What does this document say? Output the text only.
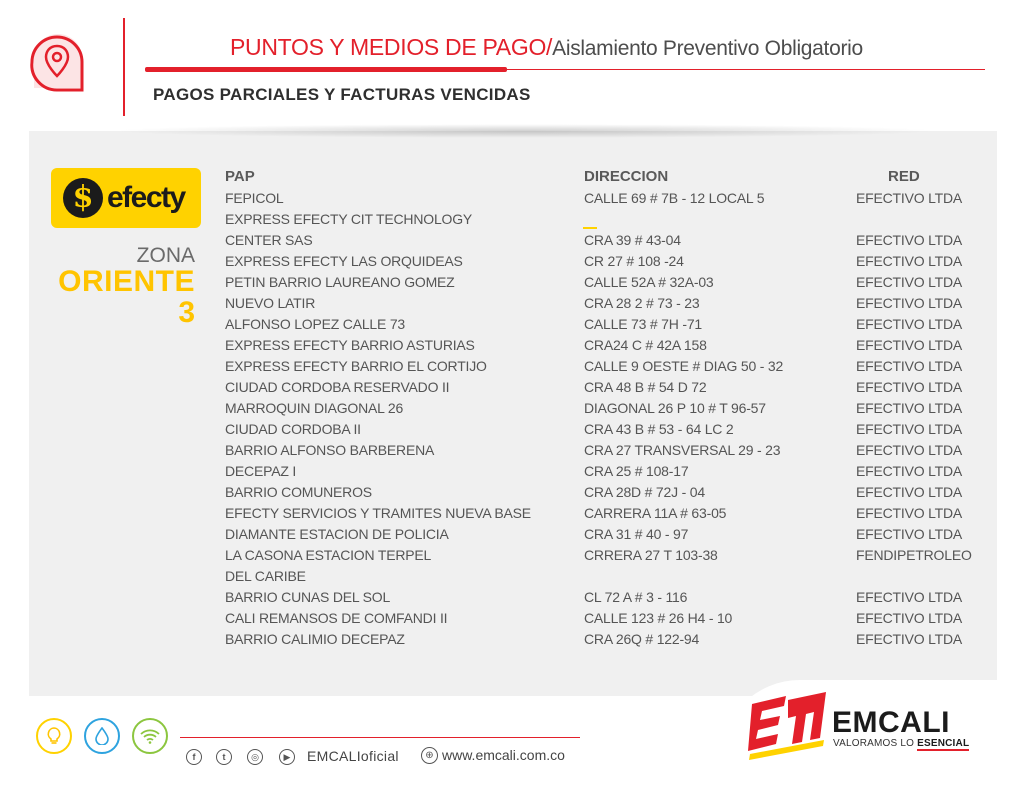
PUNTOS Y MEDIOS DE PAGO/Aislamiento Preventivo Obligatorio
PAGOS PARCIALES Y FACTURAS VENCIDAS
$ efecty
ZONA
ORIENTE
3
PAP	DIRECCION	RED
FEPICOL	CALLE 69 # 7B - 12 LOCAL 5	EFECTIVO LTDA
EXPRESS EFECTY CIT TECHNOLOGY
CENTER SAS	CRA 39 # 43-04	EFECTIVO LTDA
EXPRESS EFECTY LAS ORQUIDEAS	CR 27 # 108 -24	EFECTIVO LTDA
PETIN BARRIO LAUREANO GOMEZ	CALLE 52A # 32A-03	EFECTIVO LTDA
NUEVO LATIR	CRA 28 2 # 73 - 23	EFECTIVO LTDA
ALFONSO LOPEZ CALLE 73	CALLE 73 # 7H -71	EFECTIVO LTDA
EXPRESS EFECTY BARRIO ASTURIAS	CRA24 C # 42A 158	EFECTIVO LTDA
EXPRESS EFECTY BARRIO EL CORTIJO	CALLE 9 OESTE # DIAG 50 - 32	EFECTIVO LTDA
CIUDAD CORDOBA RESERVADO II	CRA 48 B # 54 D 72	EFECTIVO LTDA
MARROQUIN DIAGONAL 26	DIAGONAL 26 P 10 # T 96-57	EFECTIVO LTDA
CIUDAD CORDOBA II	CRA 43 B # 53 - 64 LC 2	EFECTIVO LTDA
BARRIO ALFONSO BARBERENA	CRA 27 TRANSVERSAL 29 - 23	EFECTIVO LTDA
DECEPAZ I	CRA 25 # 108-17	EFECTIVO LTDA
BARRIO COMUNEROS	CRA 28D # 72J - 04	EFECTIVO LTDA
EFECTY SERVICIOS Y TRAMITES NUEVA BASE	CARRERA 11A # 63-05	EFECTIVO LTDA
DIAMANTE ESTACION DE POLICIA	CRA 31 # 40 - 97	EFECTIVO LTDA
LA CASONA ESTACION TERPEL	CRRERA 27 T 103-38	FENDIPETROLEO
DEL CARIBE
BARRIO CUNAS DEL SOL	CL 72 A # 3 - 116	EFECTIVO LTDA
CALI REMANSOS DE COMFANDI II	CALLE 123 # 26 H4 - 10	EFECTIVO LTDA
BARRIO CALIMIO DECEPAZ	CRA 26Q # 122-94	EFECTIVO LTDA
f	t	◎	▶	EMCALIoficial	⊕ www.emcali.com.co
EMCALI
VALORAMOS LO ESENCIAL
